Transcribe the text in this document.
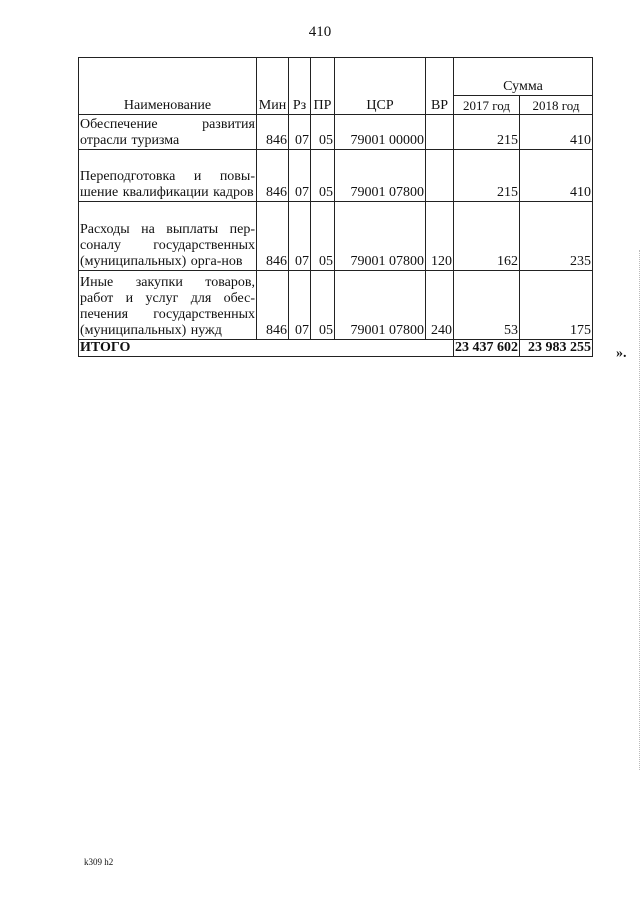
410
Наименование	Мин	Рз	ПР	ЦСР	ВР	Сумма	
						2017 год	2018 год
Обеспечение развития отрасли туризма	846	07	05	79001 00000		215	410
Переподготовка и повы-шение квалификации кадров	846	07	05	79001 07800		215	410
Расходы на выплаты пер-соналу государственных (муниципальных) орга-нов	846	07	05	79001 07800	120	162	235
Иные закупки товаров, работ и услуг для обес-печения государственных (муниципальных) нужд	846	07	05	79001 07800	240	53	175
ИТОГО						23 437 602	23 983 255 ».
k309 h2
